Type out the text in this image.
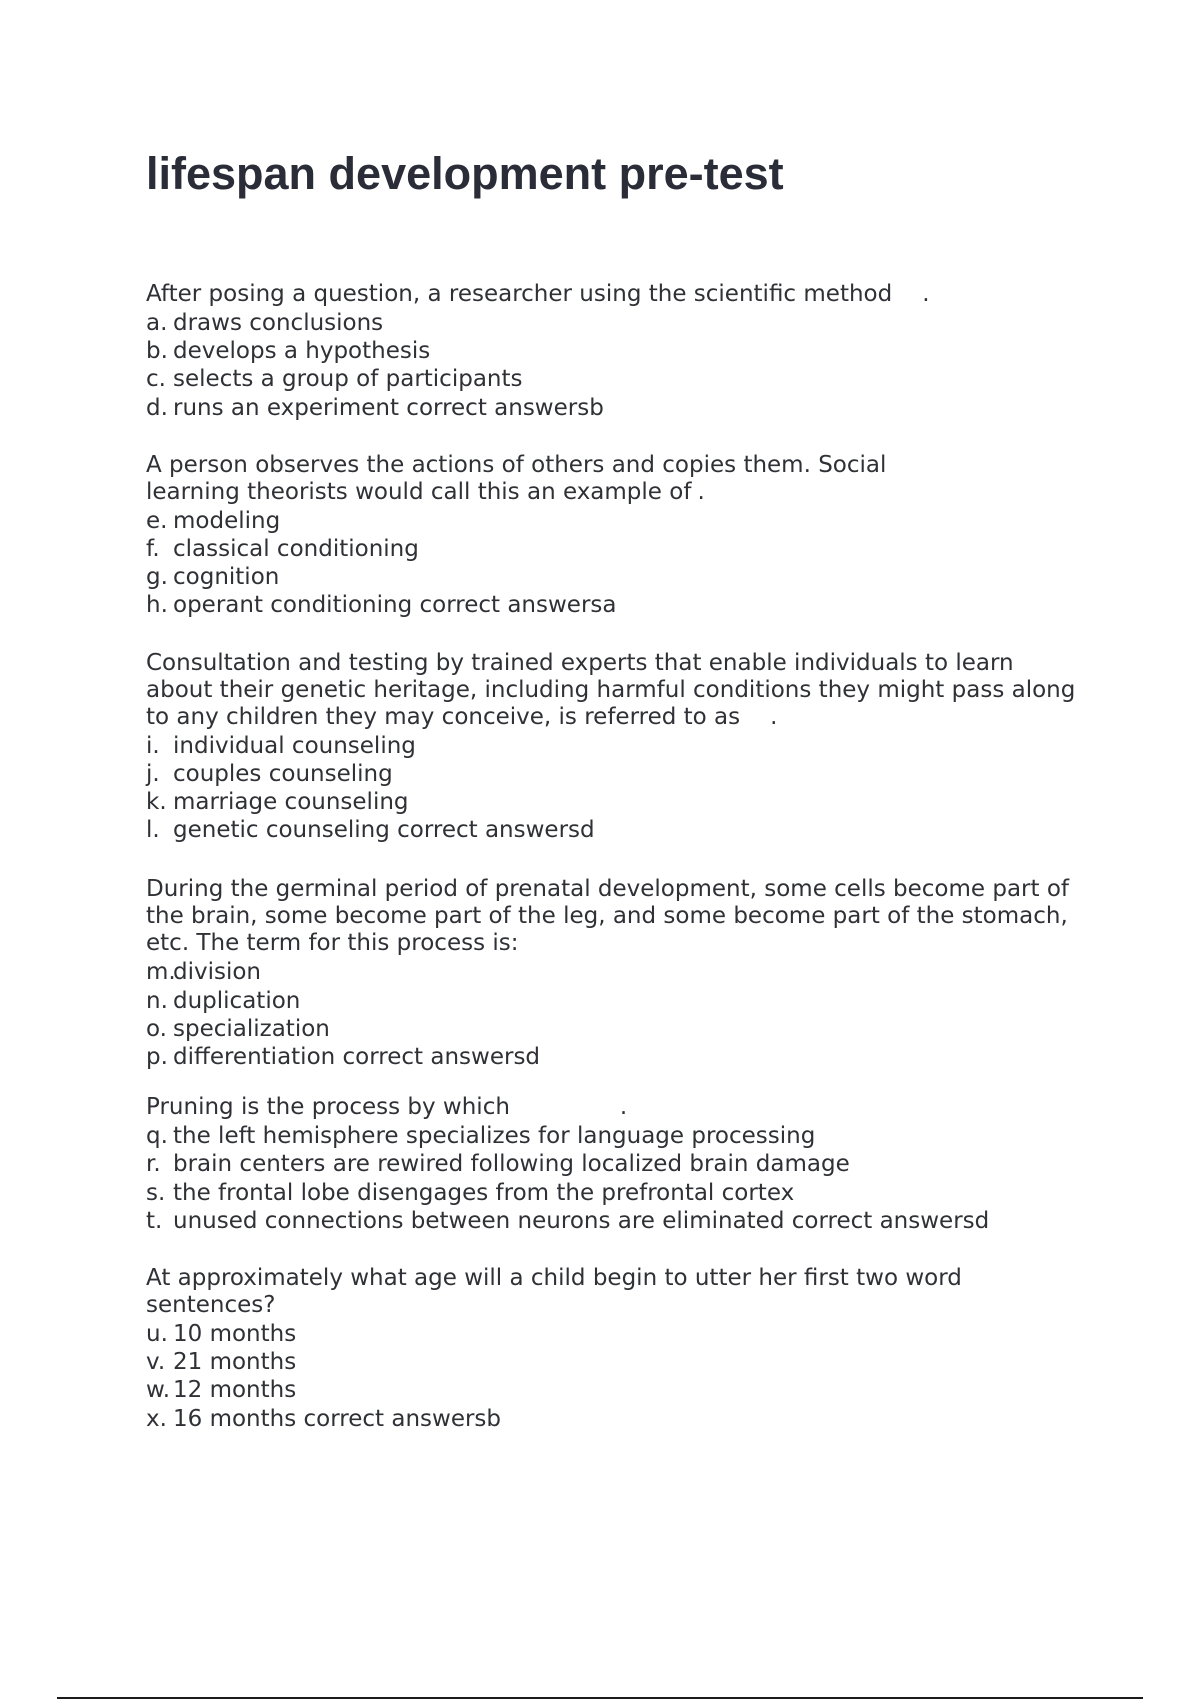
lifespan development pre-test

After posing a question, a researcher using the scientific method .

a. draws conclusions
b. develops a hypothesis
c. selects a group of participants
d. runs an experiment correct answersb

A person observes the actions of others and copies them. Social learning theorists would call this an example of .

e. modeling
f. classical conditioning
g. cognition
h. operant conditioning correct answersa

Consultation and testing by trained experts that enable individuals to learn about their genetic heritage, including harmful conditions they might pass along to any children they may conceive, is referred to as .

i. individual counseling
j. couples counseling
k. marriage counseling
l. genetic counseling correct answersd

During the germinal period of prenatal development, some cells become part of the brain, some become part of the leg, and some become part of the stomach, etc. The term for this process is:

m.
division
n. duplication
o. specialization
p. differentiation correct answersd

Pruning is the process by which	.

q. the left hemisphere specializes for language processing
r. brain centers are rewired following localized brain damage
s. the frontal lobe disengages from the prefrontal cortex
t. unused connections between neurons are eliminated correct answersd

At approximately what age will a child begin to utter her first two word sentences?

u. 10 months
v. 21 months
w. 12 months
x. 16 months correct answersb
